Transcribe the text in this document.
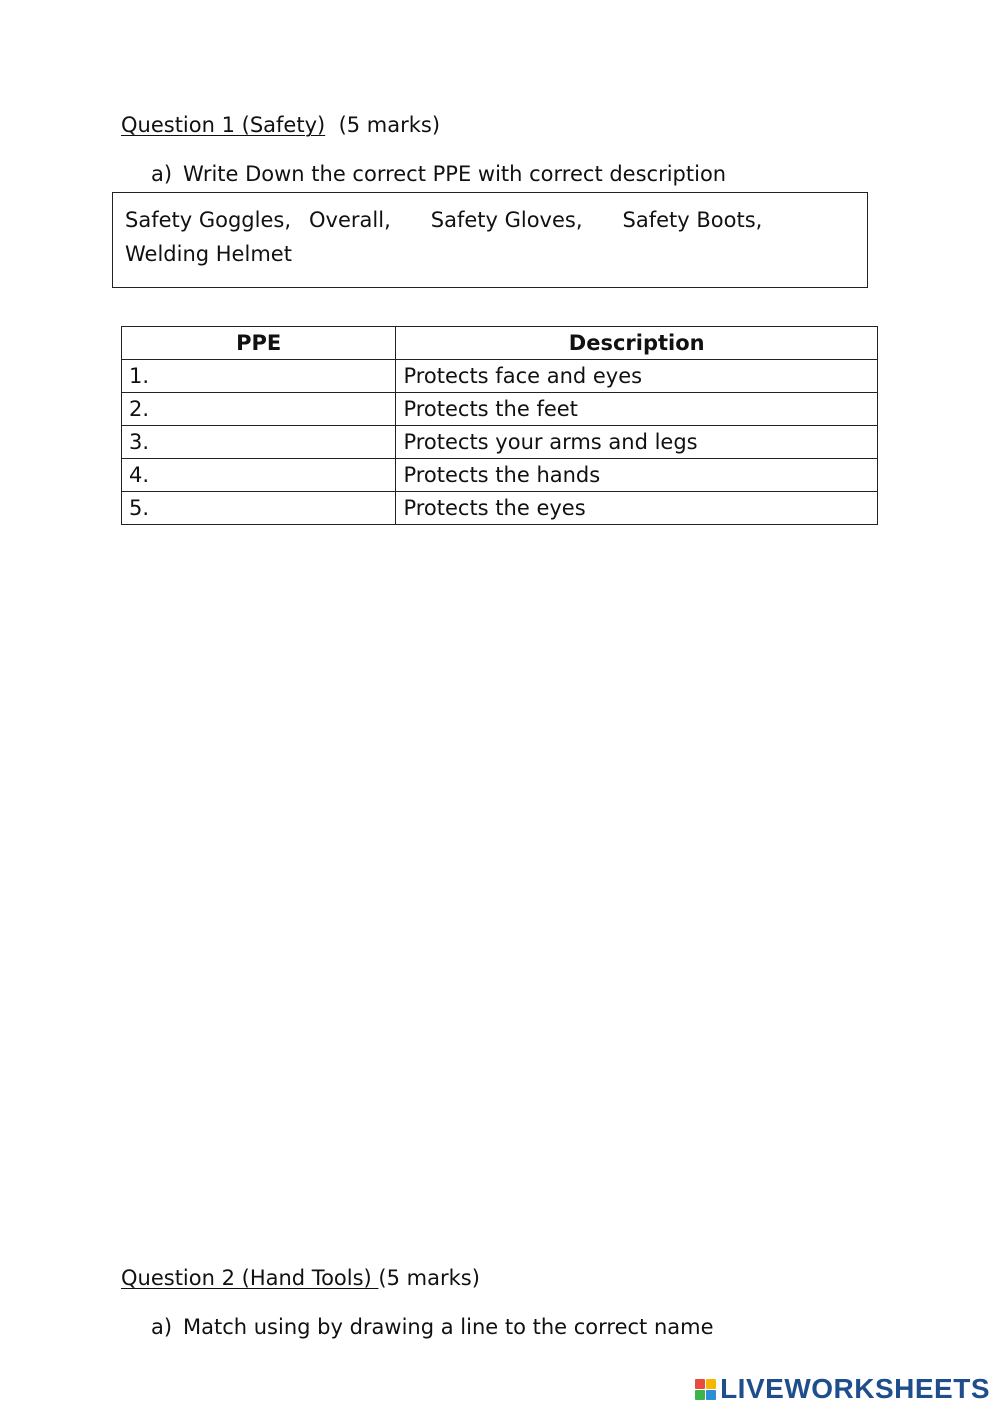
Question 1 (Safety) (5 marks)
a) Write Down the correct PPE with correct description
Safety Goggles, Overall, Safety Gloves, Safety Boots,
Welding Helmet
PPE	Description
1.	Protects face and eyes
2.	Protects the feet
3.	Protects your arms and legs
4.	Protects the hands
5.	Protects the eyes
Question 2 (Hand Tools) (5 marks)
a) Match using by drawing a line to the correct name
LIVEWORKSHEETS
